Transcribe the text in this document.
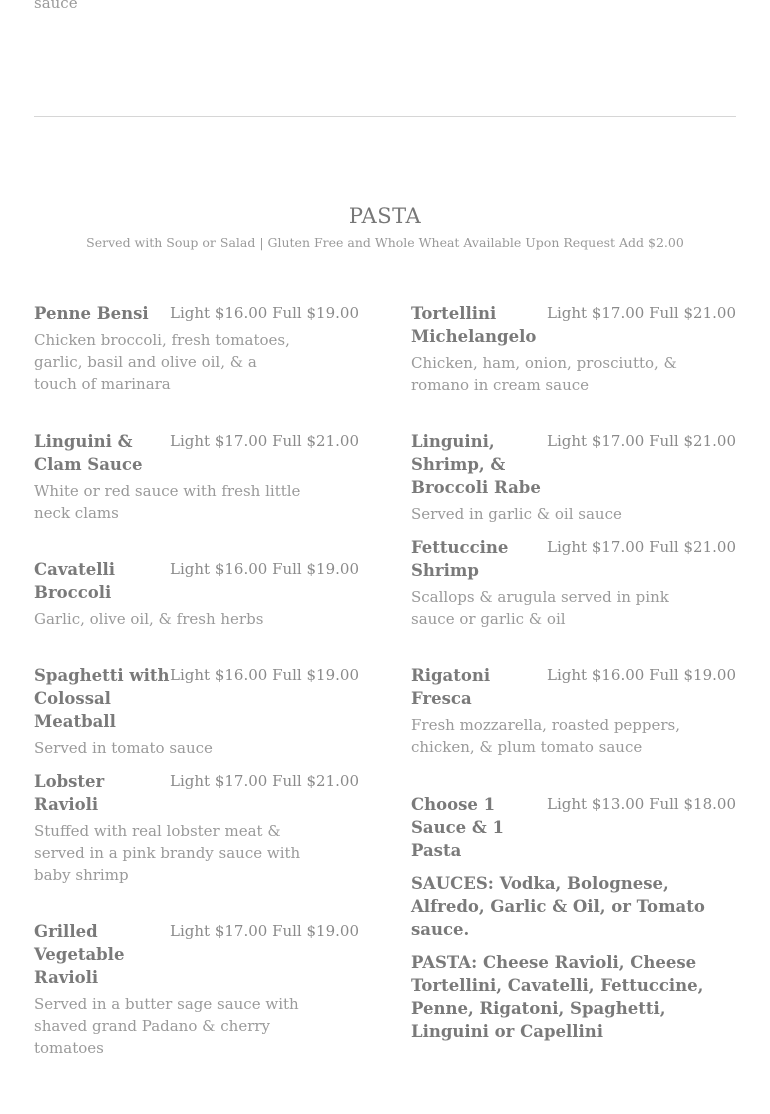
sauce
PASTA
Served with Soup or Salad | Gluten Free and Whole Wheat Available Upon Request Add $2.00
Penne Bensi	Light $16.00 Full $19.00
Chicken broccoli, fresh tomatoes, garlic, basil and olive oil, & a touch of marinara
Linguini & Clam Sauce
Light $17.00 Full $21.00
White or red sauce with fresh little neck clams
Cavatelli Broccoli
Light $16.00 Full $19.00
Garlic, olive oil, & fresh herbs
Spaghetti with Colossal Meatball
Light $16.00 Full $19.00
Served in tomato sauce
Lobster Ravioli
Light $17.00 Full $21.00
Stuffed with real lobster meat & served in a pink brandy sauce with baby shrimp
Grilled Vegetable Ravioli
Light $17.00 Full $19.00
Served in a butter sage sauce with shaved grand Padano & cherry tomatoes
Tortellini Michelangelo
Light $17.00 Full $21.00
Chicken, ham, onion, prosciutto, & romano in cream sauce
Linguini, Shrimp, & Broccoli Rabe
Light $17.00 Full $21.00
Served in garlic & oil sauce
Fettuccine Shrimp
Light $17.00 Full $21.00
Scallops & arugula served in pink sauce or garlic & oil
Rigatoni Fresca
Light $16.00 Full $19.00
Fresh mozzarella, roasted peppers, chicken, & plum tomato sauce
Choose 1 Sauce & 1 Pasta
Light $13.00 Full $18.00
SAUCES: Vodka, Bolognese, Alfredo, Garlic & Oil, or Tomato sauce.
PASTA: Cheese Ravioli, Cheese Tortellini, Cavatelli, Fettuccine, Penne, Rigatoni, Spaghetti, Linguini or Capellini
